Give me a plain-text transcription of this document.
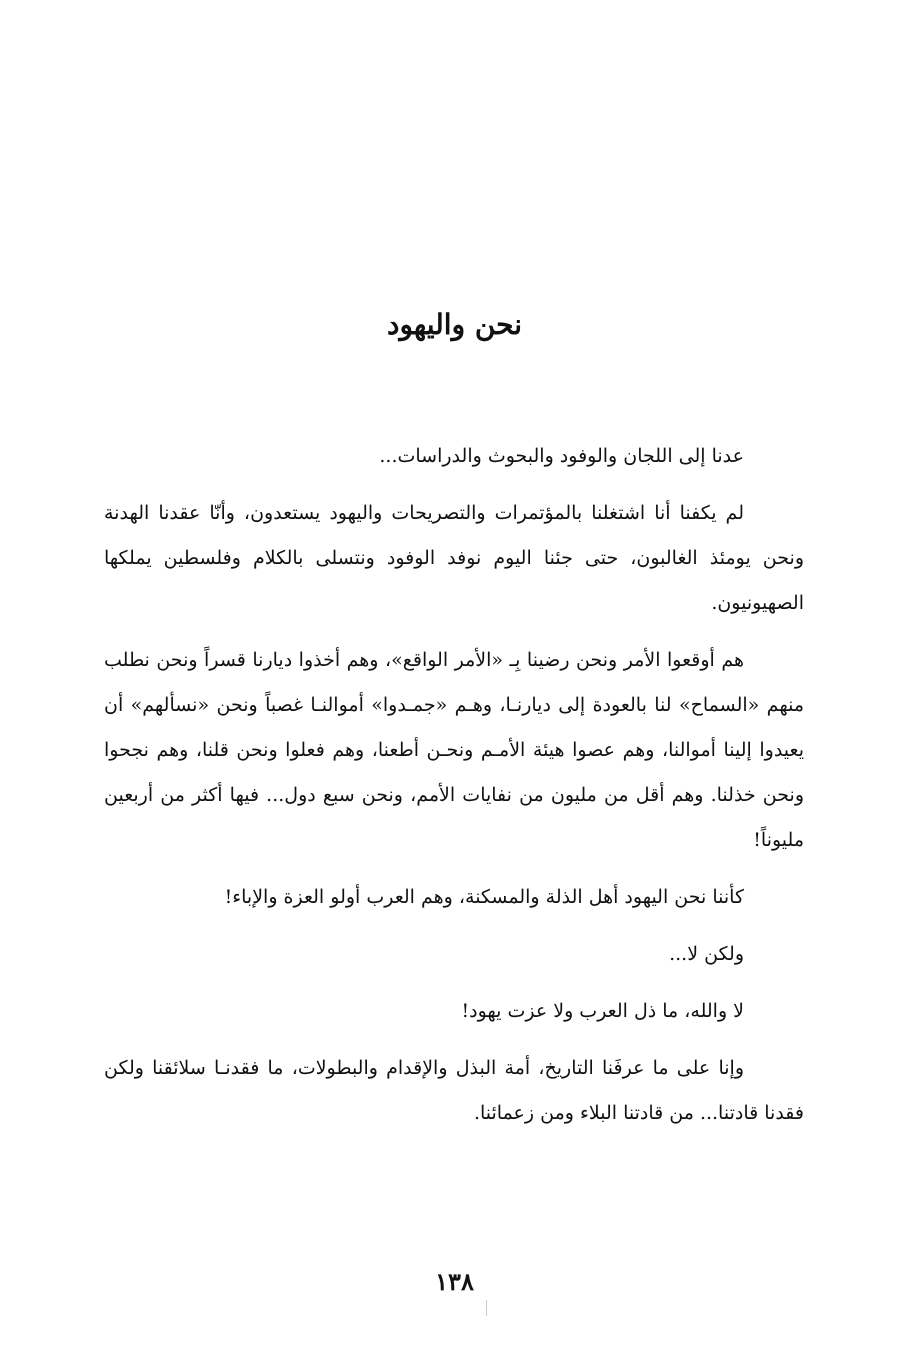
نحن واليهود

عدنا إلى اللجان والوفود والبحوث والدراسات...

لم يكفنا أنا اشتغلنا بالمؤتمرات والتصريحات واليهود يستعدون، وأنّا عقدنا الهدنة ونحن يومئذ الغالبون، حتى جئنا اليوم نوفد الوفود ونتسلى بالكلام وفلسطين يملكها الصهيونيون.

هم أوقعوا الأمر ونحن رضينا بِـ «الأمر الواقع»، وهم أخذوا ديارنا قسراً ونحن نطلب منهم «السماح» لنا بالعودة إلى ديارنـا، وهـم «جمـدوا» أموالنـا غصباً ونحن «نسألهم» أن يعيدوا إلينا أموالنا، وهم عصوا هيئة الأمـم ونحـن أطعنا، وهم فعلوا ونحن قلنا، وهم نجحوا ونحن خذلنا. وهم أقل من مليون من نفايات الأمم، ونحن سبع دول... فيها أكثر من أربعين مليوناً!

كأننا نحن اليهود أهل الذلة والمسكنة، وهم العرب أولو العزة والإباء!

ولكن لا...

لا والله، ما ذل العرب ولا عزت يهود!

وإنا على ما عرفَنا التاريخ، أمة البذل والإقدام والبطولات، ما فقدنـا سلائقنا ولكن فقدنا قادتنا... من قادتنا البلاء ومن زعمائنا.

١٣٨
